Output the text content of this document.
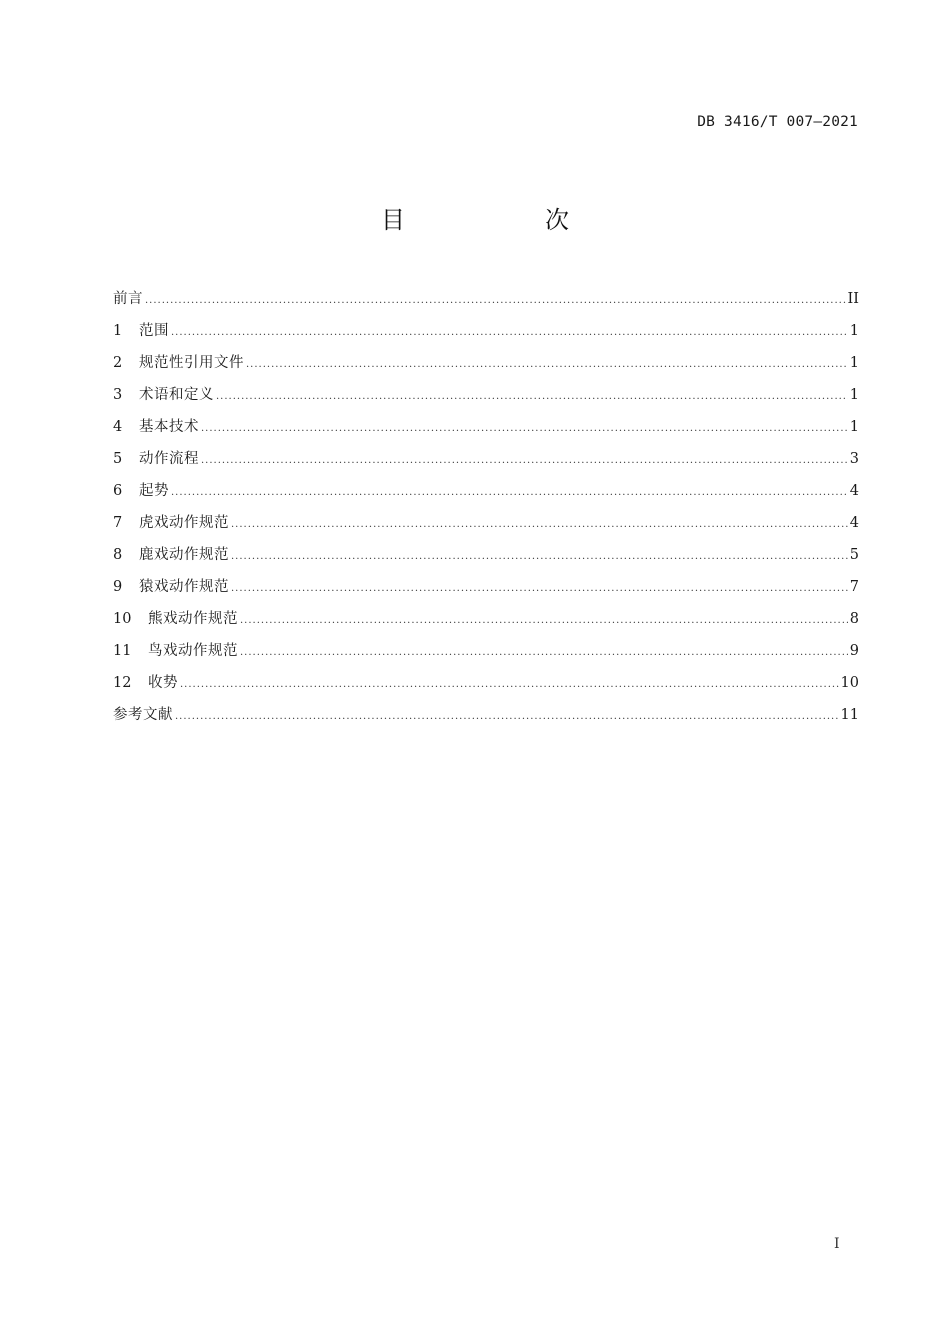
DB 3416/T 007—2021
目　次
前言 .....	II
1	范围 .....	1
2	规范性引用文件 .....	1
3	术语和定义 .....	1
4	基本技术 .....	1
5	动作流程 .....	3
6	起势 .....	4
7	虎戏动作规范 .....	4
8	鹿戏动作规范 .....	5
9	猿戏动作规范 .....	7
10	熊戏动作规范 .....	8
11	鸟戏动作规范 .....	9
12	收势 .....	10
参考文献 .....	11
I
